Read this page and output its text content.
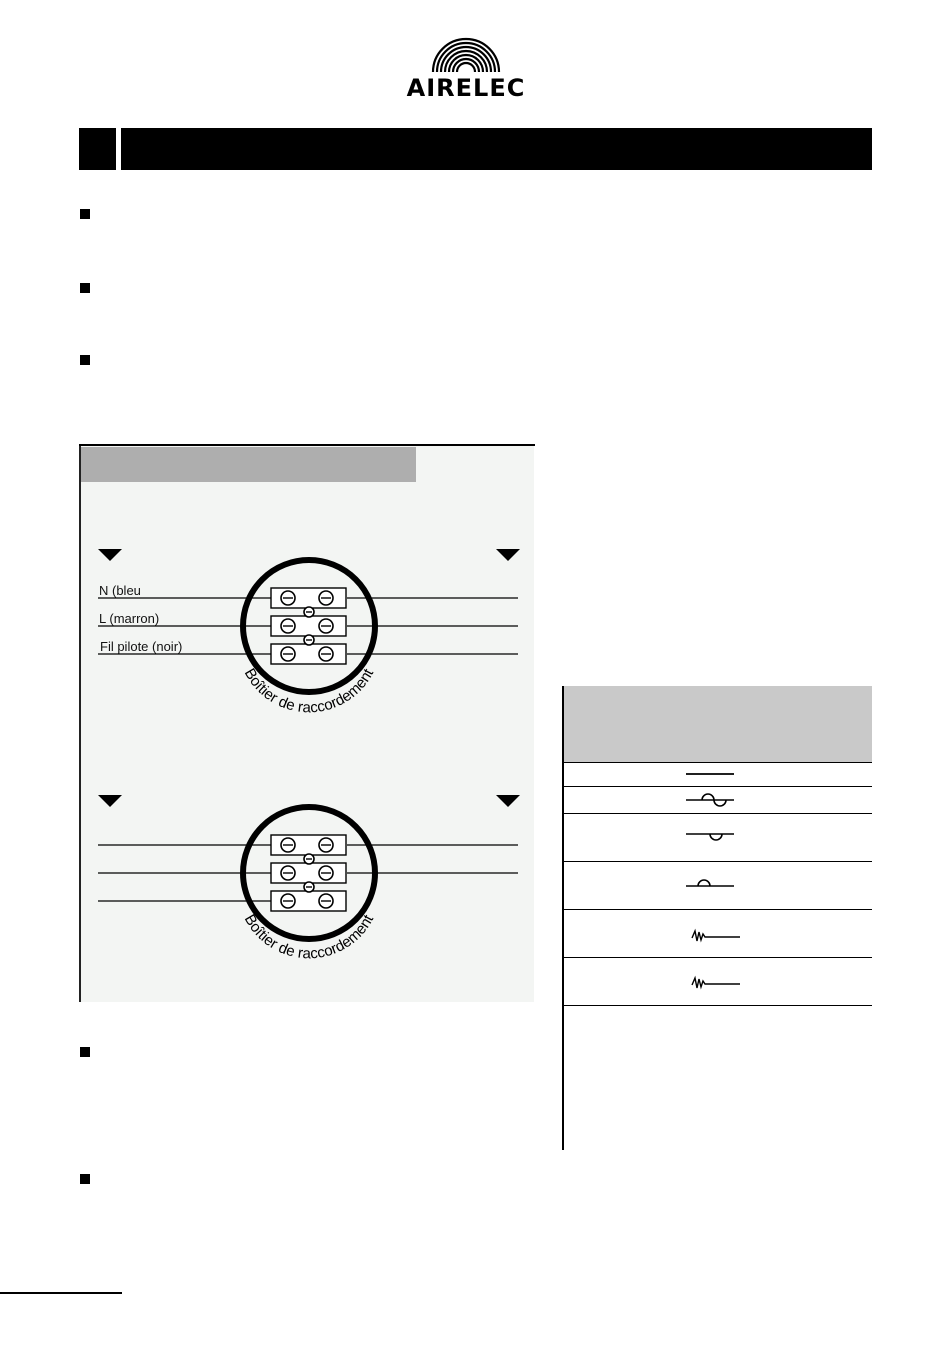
AIRELEC
N (bleu
L (marron)
Fil pilote (noir)
Boîtier de raccordement
Boîtier de raccordement
